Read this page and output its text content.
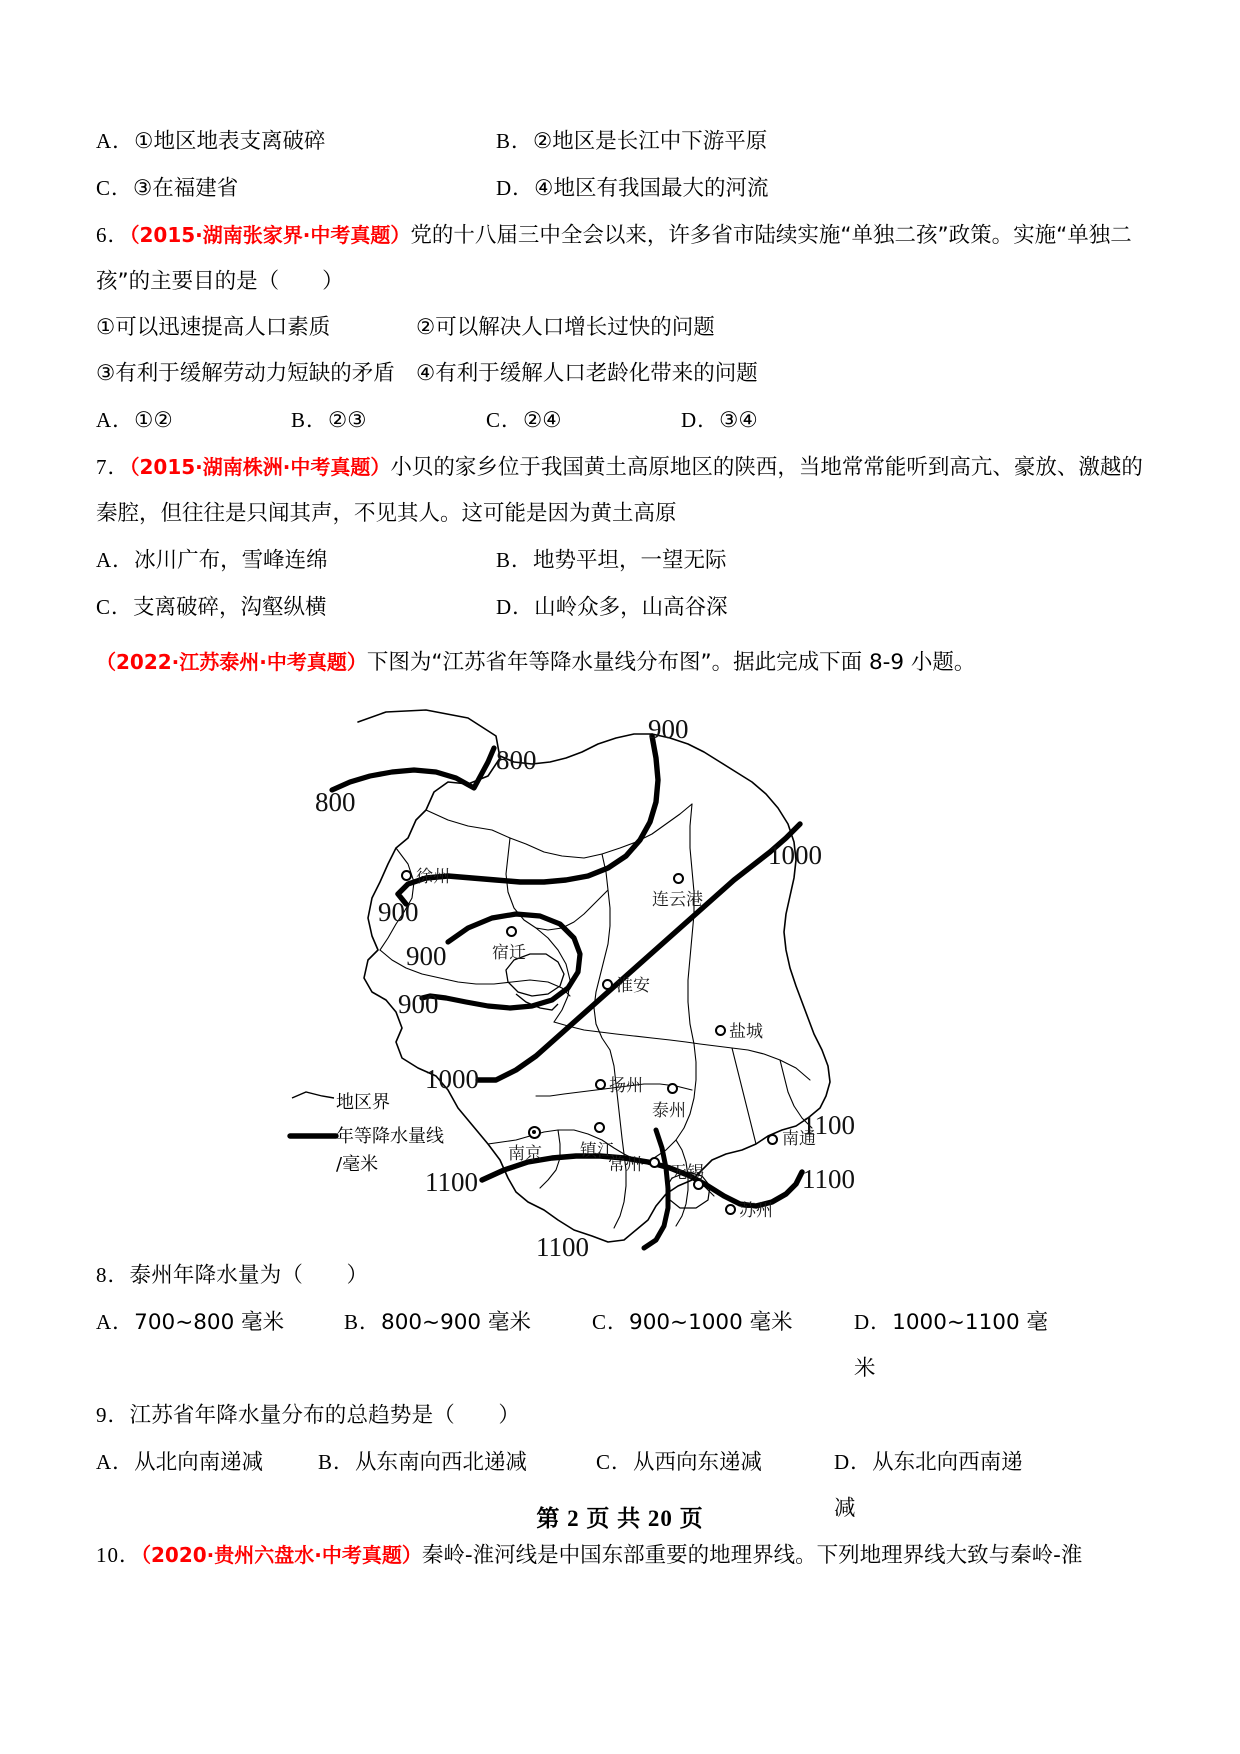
A．①地区地表支离破碎	B．②地区是长江中下游平原
C．③在福建省	D．④地区有我国最大的河流
6．（2015·湖南张家界·中考真题）党的十八届三中全会以来，许多省市陆续实施“单独二孩”政策。实施“单独二孩”的主要目的是（　　）
①可以迅速提高人口素质	②可以解决人口增长过快的问题
③有利于缓解劳动力短缺的矛盾 ④有利于缓解人口老龄化带来的问题
A．①②	B．②③	C．②④	D．③④
7．（2015·湖南株洲·中考真题）小贝的家乡位于我国黄土高原地区的陕西，当地常常能听到高亢、豪放、激越的秦腔，但往往是只闻其声，不见其人。这可能是因为黄土高原
A．冰川广布，雪峰连绵	B．地势平坦，一望无际
C．支离破碎，沟壑纵横	D．山岭众多，山高谷深
（2022·江苏泰州·中考真题）下图为“江苏省年等降水量线分布图”。据此完成下面 8-9 小题。
800
800
900
900
900
900
1000
1000
1100
1100	1100
1100
徐州
连云港
宿迁
淮安
盐城
扬州
泰州
南京 镇江
常州 无锡
南通
苏州
地区界
年等降水量线
/毫米
8．泰州年降水量为（　　）
A．700~800 毫米	B．800~900 毫米	C．900~1000 毫米	D．1000~1100 毫米
9．江苏省年降水量分布的总趋势是（　　）
A．从北向南递减	B．从东南向西北递减	C．从西向东递减	D．从东北向西南递减
10．（2020·贵州六盘水·中考真题）秦岭-淮河线是中国东部重要的地理界线。下列地理界线大致与秦岭-淮
第 2 页 共 20 页
